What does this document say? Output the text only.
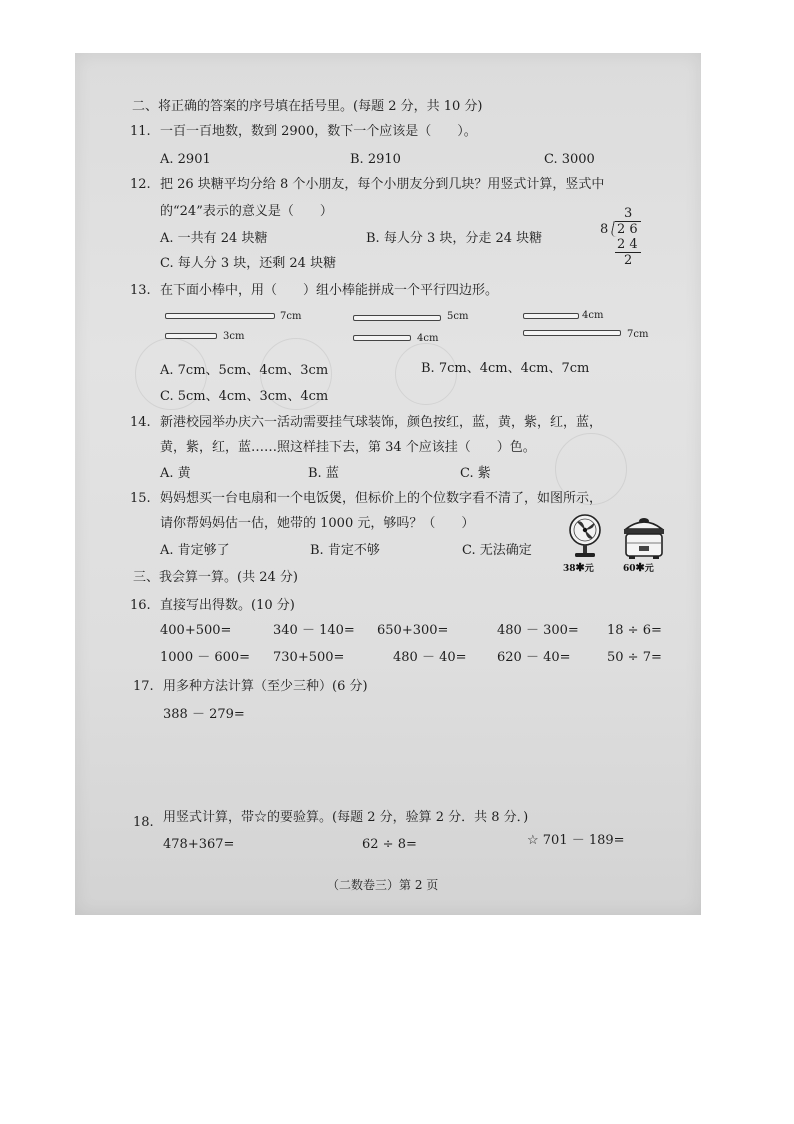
二、将正确的答案的序号填在括号里。(每题 2 分，共 10 分)
11. 一百一百地数，数到 2900，数下一个应该是（　　）。
A. 2901	B. 2910	C. 3000
12. 把 26 块糖平均分给 8 个小朋友，每个小朋友分到几块？用竖式计算，竖式中
的“24”表示的意义是（　　）
A. 一共有 24 块糖	B. 每人分 3 块，分走 24 块糖
C. 每人分 3 块，还剩 24 块糖
3
8 2 6
2 4
2
13. 在下面小棒中，用（　　）组小棒能拼成一个平行四边形。
7cm
3cm
5cm
4cm
4cm
7cm
A. 7cm、5cm、4cm、3cm	B. 7cm、4cm、4cm、7cm
C. 5cm、4cm、3cm、4cm
14. 新港校园举办庆六一活动需要挂气球装饰，颜色按红，蓝，黄，紫，红，蓝，
黄，紫，红，蓝……照这样挂下去，第 34 个应该挂（　　）色。
A. 黄	B. 蓝	C. 紫
15. 妈妈想买一台电扇和一个电饭煲，但标价上的个位数字看不清了，如图所示，
请你帮妈妈估一估，她带的 1000 元，够吗？（　　）
A. 肯定够了	B. 肯定不够	C. 无法确定
38✱元	60✱元
三、我会算一算。(共 24 分)
16. 直接写出得数。(10 分)
400+500=	340 － 140= 650+300=	480 － 300= 18 ÷ 6=
1000 － 600= 730+500=	480 － 40= 620 － 40=	50 ÷ 7=
17. 用多种方法计算（至少三种）(6 分)
388 － 279=
18. 用竖式计算，带☆的要验算。(每题 2 分，验算 2 分．共 8 分．)
478+367=	62 ÷ 8=	☆ 701 － 189=
（二数卷三）第 2 页
